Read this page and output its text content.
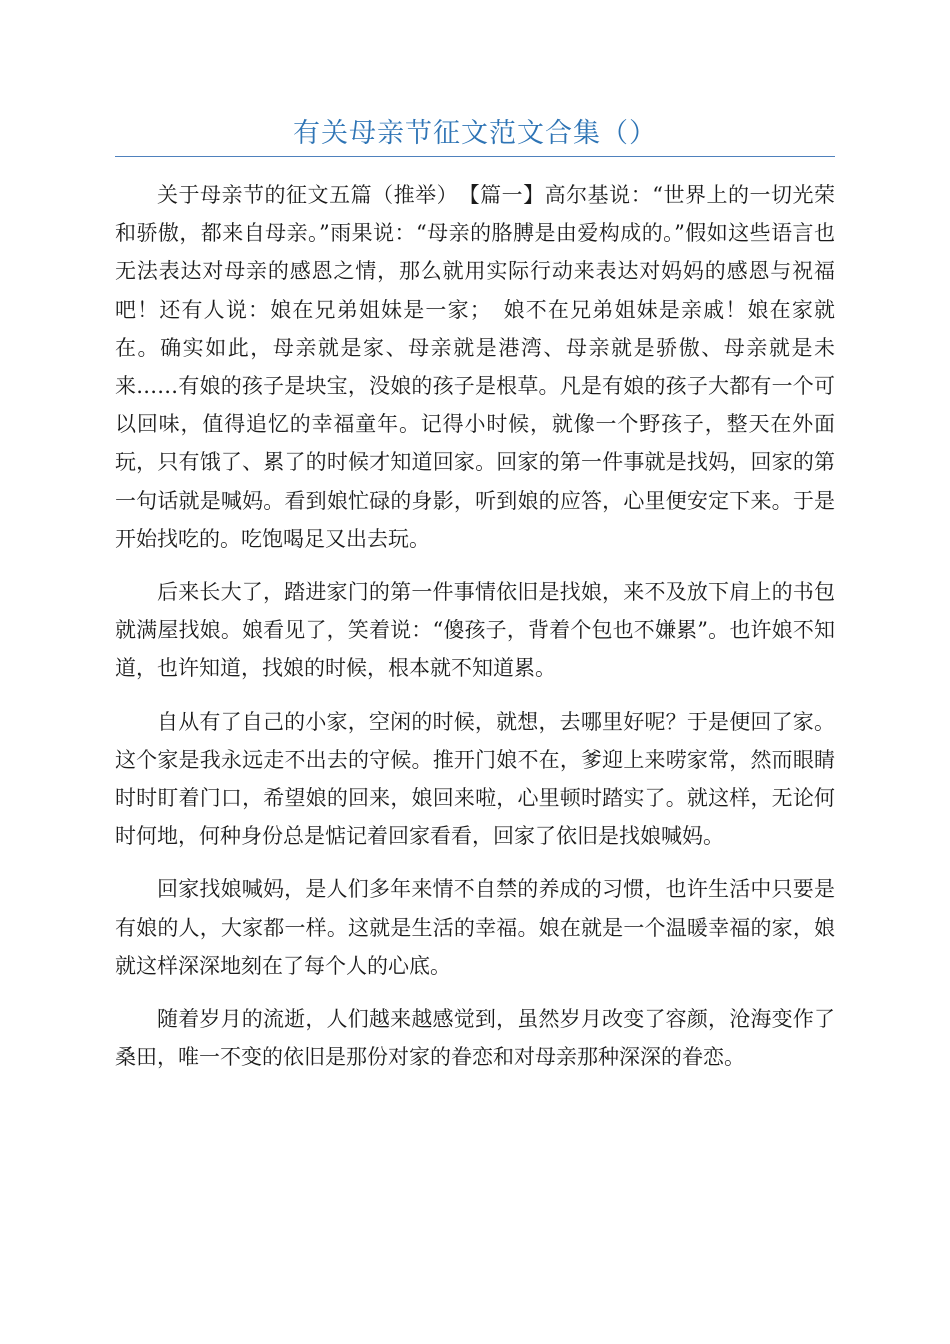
有关母亲节征文范文合集（）

关于母亲节的征文五篇（推举）　【篇一】高尔基说：“世界上的一切光荣和骄傲，都来自母亲。”雨果说：“母亲的胳膊是由爱构成的。”假如这些语言也无法表达对母亲的感恩之情，那么就用实际行动来表达对妈妈的感恩与祝福吧！还有人说：娘在兄弟姐妹是一家；　娘不在兄弟姐妹是亲戚！娘在家就在。确实如此，母亲就是家、母亲就是港湾、母亲就是骄傲、母亲就是未来……有娘的孩子是块宝，没娘的孩子是根草。凡是有娘的孩子大都有一个可以回味，值得追忆的幸福童年。记得小时候，就像一个野孩子，整天在外面玩，只有饿了、累了的时候才知道回家。回家的第一件事就是找妈，回家的第一句话就是喊妈。看到娘忙碌的身影，听到娘的应答，心里便安定下来。于是开始找吃的。吃饱喝足又出去玩。

后来长大了，踏进家门的第一件事情依旧是找娘，来不及放下肩上的书包就满屋找娘。娘看见了，笑着说：“傻孩子，背着个包也不嫌累”。也许娘不知道，也许知道，找娘的时候，根本就不知道累。

自从有了自己的小家，空闲的时候，就想，去哪里好呢？于是便回了家。这个家是我永远走不出去的守候。推开门娘不在，爹迎上来唠家常，然而眼睛时时盯着门口，希望娘的回来，娘回来啦，心里顿时踏实了。就这样，无论何时何地，何种身份总是惦记着回家看看，回家了依旧是找娘喊妈。

回家找娘喊妈，是人们多年来情不自禁的养成的习惯，也许生活中只要是有娘的人，大家都一样。这就是生活的幸福。娘在就是一个温暖幸福的家，娘就这样深深地刻在了每个人的心底。

随着岁月的流逝，人们越来越感觉到，虽然岁月改变了容颜，沧海变作了桑田，唯一不变的依旧是那份对家的眷恋和对母亲那种深深的眷恋。
